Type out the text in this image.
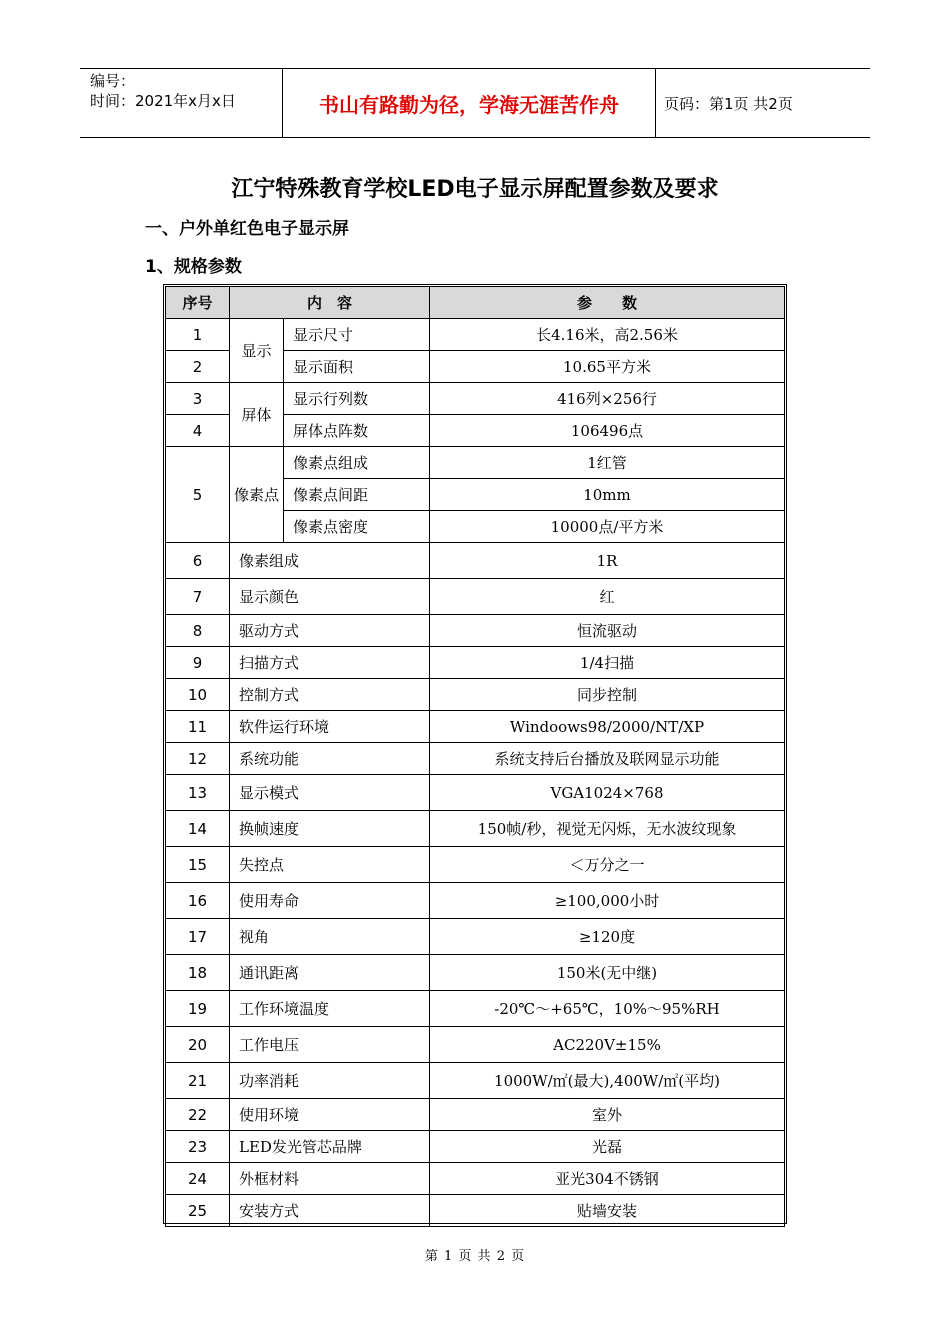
编号：
时间：2021年x月x日	书山有路勤为径，学海无涯苦作舟	页码：第1页 共2页
江宁特殊教育学校LED电子显示屏配置参数及要求
一、户外单红色电子显示屏
1、规格参数
序号	内　容		参　　数
1	显示	显示尺寸	长4.16米，高2.56米
2		显示面积	10.65平方米
3	屏体	显示行列数	416列×256行
4		屏体点阵数	106496点
5	像素点	像素点组成	1红管
		像素点间距	10mm
		像素点密度	10000点/平方米
6	像素组成		1R
7	显示颜色		红
8	驱动方式		恒流驱动
9	扫描方式		1/4扫描
10	控制方式		同步控制
11	软件运行环境		Windoows98/2000/NT/XP
12	系统功能		系统支持后台播放及联网显示功能
13	显示模式		VGA1024×768
14	换帧速度		150帧/秒，视觉无闪烁，无水波纹现象
15	失控点		＜万分之一
16	使用寿命		≥100,000小时
17	视角		≥120度
18	通讯距离		150米(无中继)
19	工作环境温度		-20℃～+65℃，10%～95%RH
20	工作电压		AC220V±15%
21	功率消耗		1000W/㎡(最大),400W/㎡(平均)
22	使用环境		室外
23	LED发光管芯品牌		光磊
24	外框材料		亚光304不锈钢
25	安装方式		贴墙安装
第 1 页 共 2 页
